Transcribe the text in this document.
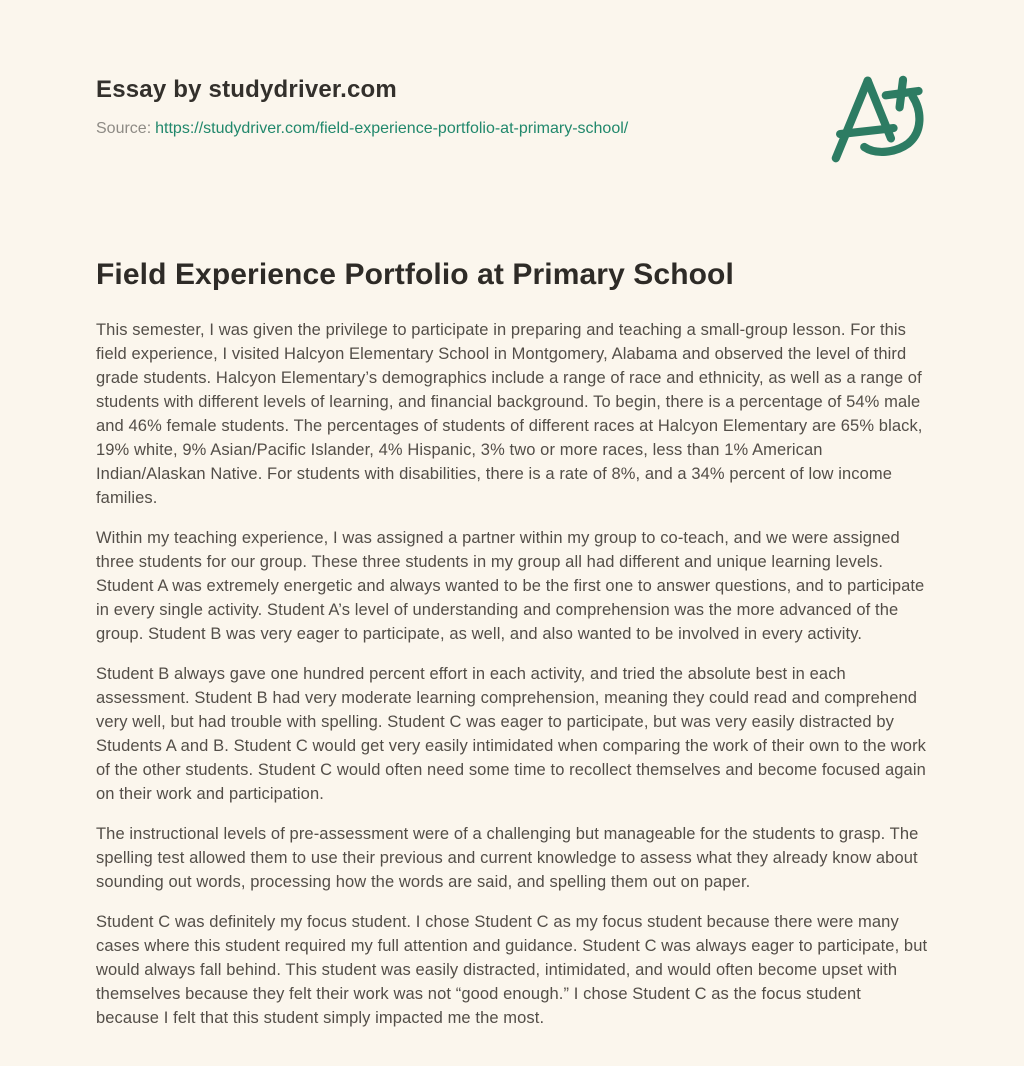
Essay by studydriver.com

Source: https://studydriver.com/field-experience-portfolio-at-primary-school/

Field Experience Portfolio at Primary School

This semester, I was given the privilege to participate in preparing and teaching a small-group lesson. For this field experience, I visited Halcyon Elementary School in Montgomery, Alabama and observed the level of third grade students. Halcyon Elementary’s demographics include a range of race and ethnicity, as well as a range of students with different levels of learning, and financial background. To begin, there is a percentage of 54% male and 46% female students. The percentages of students of different races at Halcyon Elementary are 65% black, 19% white, 9% Asian/Pacific Islander, 4% Hispanic, 3% two or more races, less than 1% American Indian/Alaskan Native. For students with disabilities, there is a rate of 8%, and a 34% percent of low income families.

Within my teaching experience, I was assigned a partner within my group to co-teach, and we were assigned three students for our group. These three students in my group all had different and unique learning levels. Student A was extremely energetic and always wanted to be the first one to answer questions, and to participate in every single activity. Student A’s level of understanding and comprehension was the more advanced of the group. Student B was very eager to participate, as well, and also wanted to be involved in every activity.

Student B always gave one hundred percent effort in each activity, and tried the absolute best in each assessment. Student B had very moderate learning comprehension, meaning they could read and comprehend very well, but had trouble with spelling. Student C was eager to participate, but was very easily distracted by Students A and B. Student C would get very easily intimidated when comparing the work of their own to the work of the other students. Student C would often need some time to recollect themselves and become focused again on their work and participation.

The instructional levels of pre-assessment were of a challenging but manageable for the students to grasp. The spelling test allowed them to use their previous and current knowledge to assess what they already know about sounding out words, processing how the words are said, and spelling them out on paper.

Student C was definitely my focus student. I chose Student C as my focus student because there were many cases where this student required my full attention and guidance. Student C was always eager to participate, but would always fall behind. This student was easily distracted, intimidated, and would often become upset with themselves because they felt their work was not “good enough.” I chose Student C as the focus student because I felt that this student simply impacted me the most.
